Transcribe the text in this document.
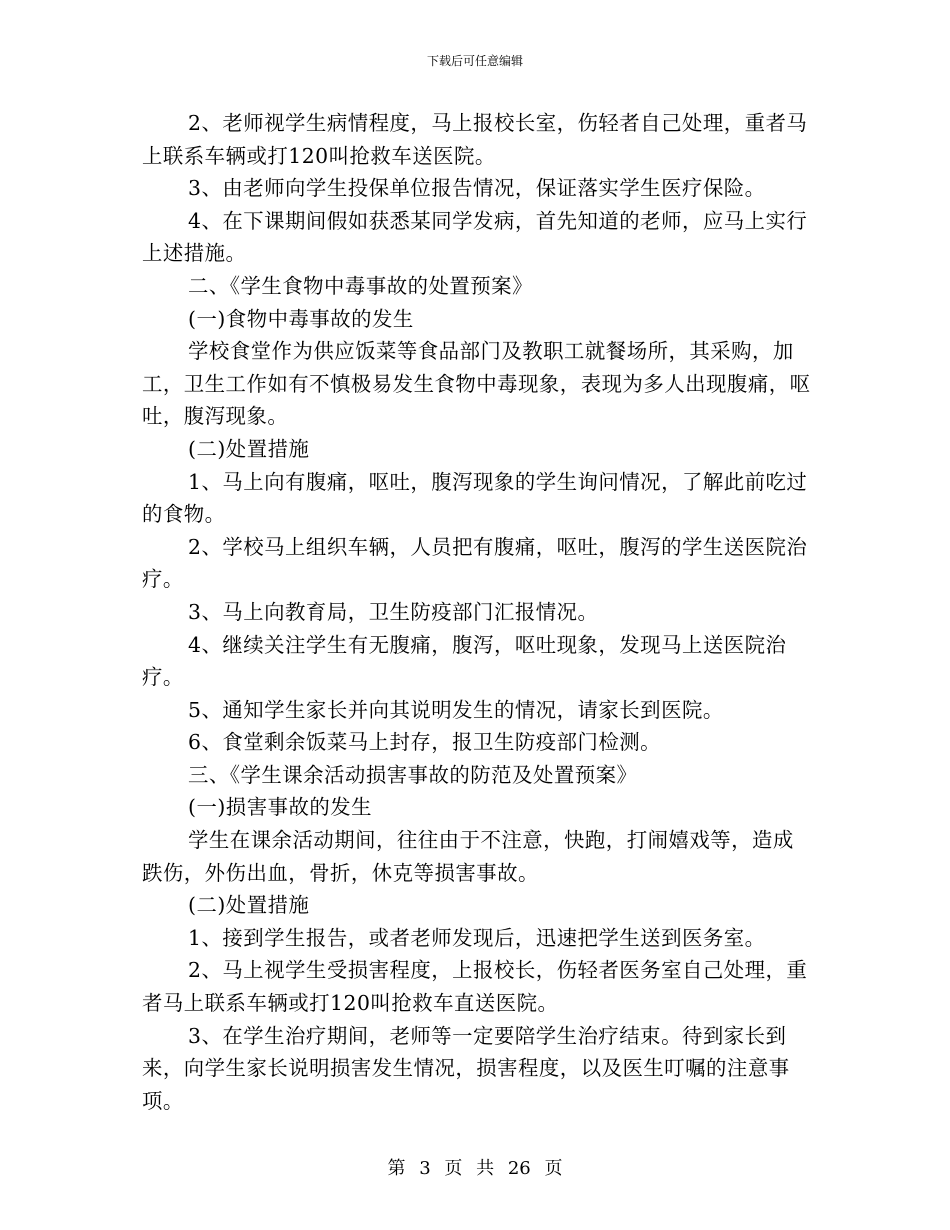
下载后可任意编辑

2、老师视学生病情程度，马上报校长室，伤轻者自己处理，重者马上联系车辆或打120叫抢救车送医院。

3、由老师向学生投保单位报告情况，保证落实学生医疗保险。

4、在下课期间假如获悉某同学发病，首先知道的老师，应马上实行上述措施。

二、《学生食物中毒事故的处置预案》

(一)食物中毒事故的发生

学校食堂作为供应饭菜等食品部门及教职工就餐场所，其采购，加工，卫生工作如有不慎极易发生食物中毒现象，表现为多人出现腹痛，呕吐，腹泻现象。

(二)处置措施

1、马上向有腹痛，呕吐，腹泻现象的学生询问情况，了解此前吃过的食物。

2、学校马上组织车辆，人员把有腹痛，呕吐，腹泻的学生送医院治疗。

3、马上向教育局，卫生防疫部门汇报情况。

4、继续关注学生有无腹痛，腹泻，呕吐现象，发现马上送医院治疗。

5、通知学生家长并向其说明发生的情况，请家长到医院。

6、食堂剩余饭菜马上封存，报卫生防疫部门检测。

三、《学生课余活动损害事故的防范及处置预案》

(一)损害事故的发生

学生在课余活动期间，往往由于不注意，快跑，打闹嬉戏等，造成跌伤，外伤出血，骨折，休克等损害事故。

(二)处置措施

1、接到学生报告，或者老师发现后，迅速把学生送到医务室。

2、马上视学生受损害程度，上报校长，伤轻者医务室自己处理，重者马上联系车辆或打120叫抢救车直送医院。

3、在学生治疗期间，老师等一定要陪学生治疗结束。待到家长到来，向学生家长说明损害发生情况，损害程度，以及医生叮嘱的注意事项。

第 3 页 共 26 页
